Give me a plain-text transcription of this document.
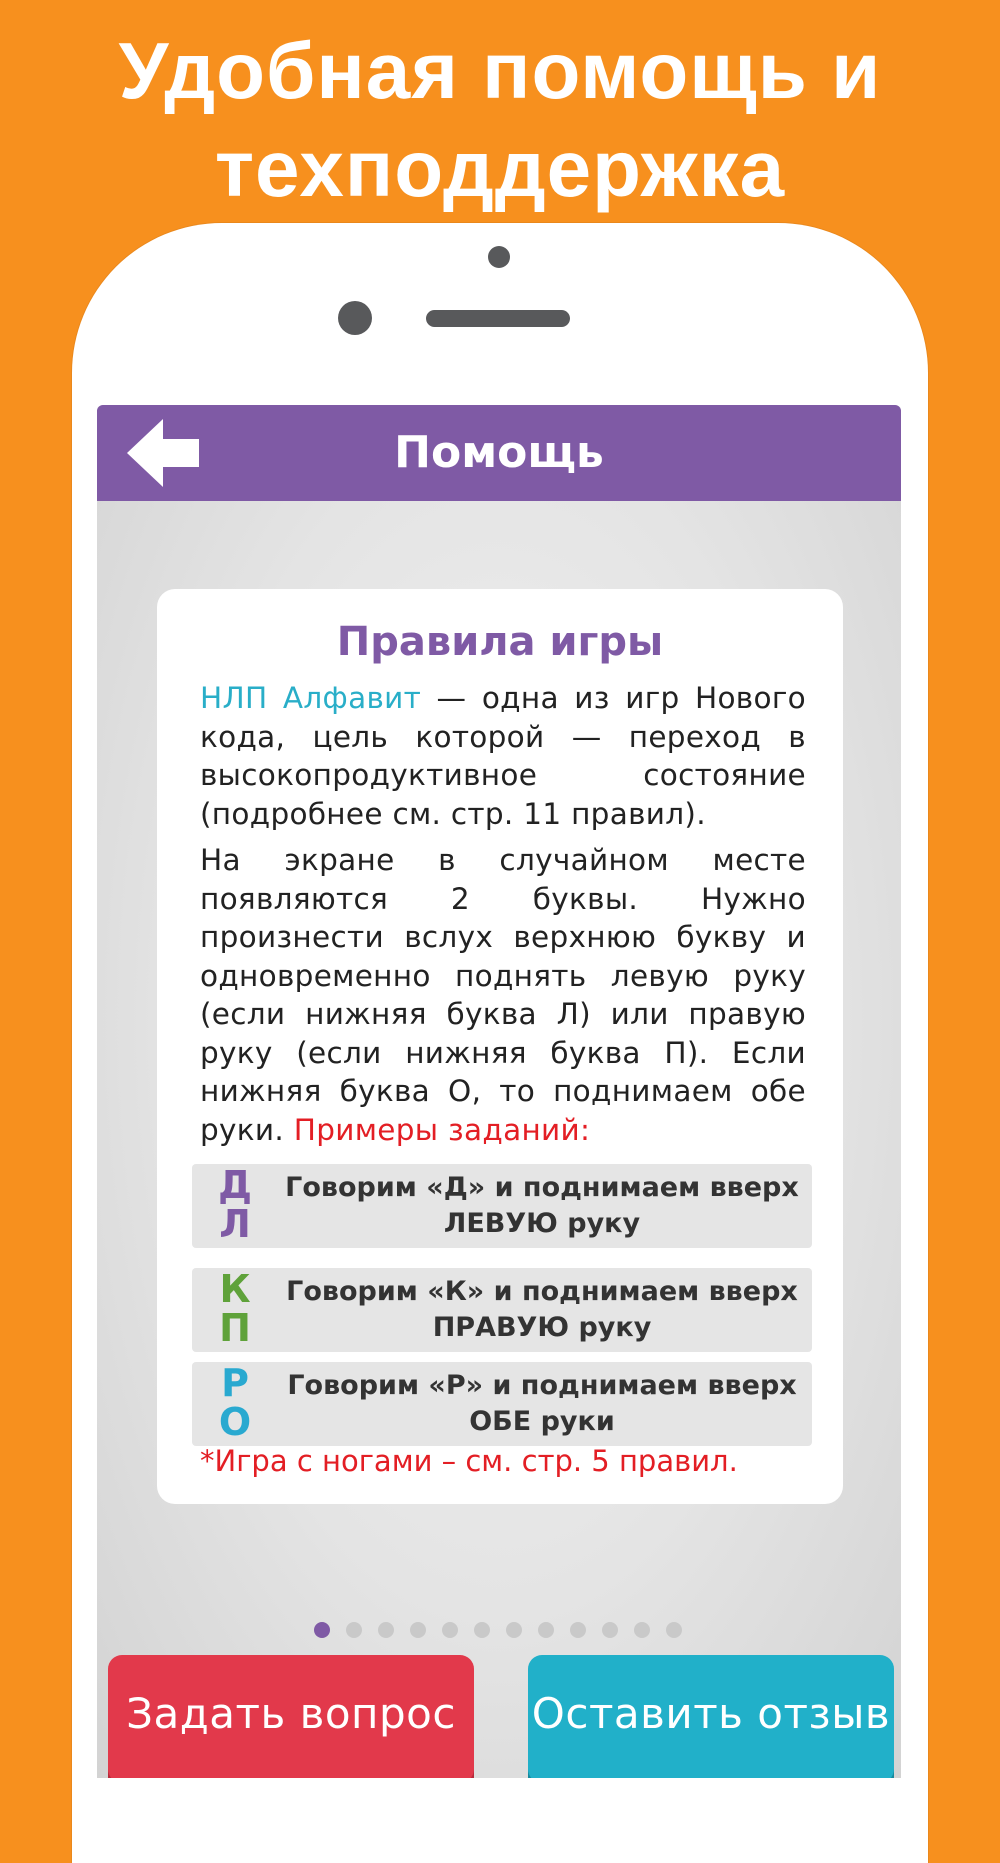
Удобная помощь и
техподдержка
Помощь
Правила игры

НЛП Алфавит — одна из игр Нового кода, цель которой — переход в высокопродуктивное состояние (подробнее см. стр. 11 правил).

На экране в случайном месте появляются 2 буквы. Нужно произнести вслух верхнюю букву и одновременно поднять левую руку (если нижняя буква Л) или правую руку (если нижняя буква П). Если нижняя буква О, то поднимаем обе руки. Примеры заданий:

Д
Л
Говорим «Д» и поднимаем вверх ЛЕВУЮ руку
К
П
Говорим «К» и поднимаем вверх ПРАВУЮ руку
Р
О
Говорим «Р» и поднимаем вверх ОБЕ руки
*Игра с ногами – см. стр. 5 правил.
Задать вопрос	Оставить отзыв
